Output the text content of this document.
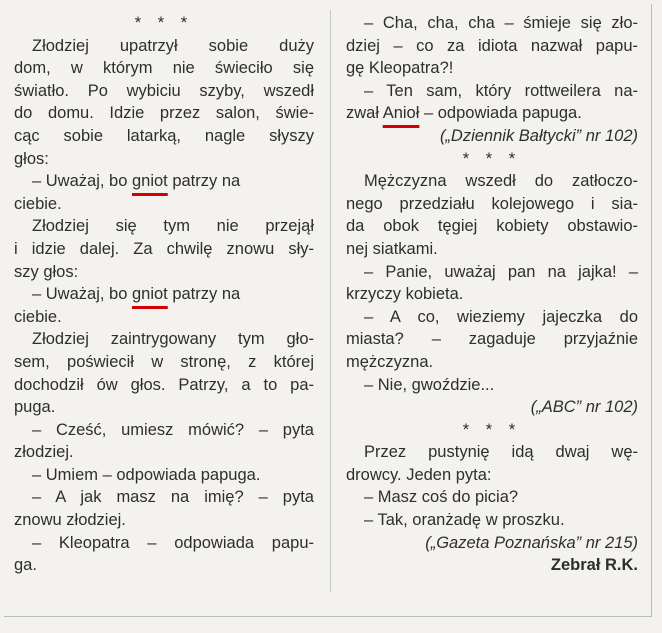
* * *
Złodziej upatrzył sobie duży
dom, w którym nie świeciło się
światło. Po wybiciu szyby, wszedł
do domu. Idzie przez salon, świe-
cąc sobie latarką, nagle słyszy
głos:
– Uważaj, bo gniot patrzy na
ciebie.
Złodziej się tym nie przejął
i idzie dalej. Za chwilę znowu sły-
szy głos:
– Uważaj, bo gniot patrzy na
ciebie.
Złodziej zaintrygowany tym gło-
sem, poświecił w stronę, z której
dochodził ów głos. Patrzy, a to pa-
puga.
– Cześć, umiesz mówić? – pyta
złodziej.
– Umiem – odpowiada papuga.
– A jak masz na imię? – pyta
znowu złodziej.
– Kleopatra – odpowiada papu-
ga.
– Cha, cha, cha – śmieje się zło-
dziej – co za idiota nazwał papu-
gę Kleopatra?!
– Ten sam, który rottweilera na-
zwał Anioł – odpowiada papuga.
(„Dziennik Bałtycki” nr 102)
* * *
Mężczyzna wszedł do zatłoczo-
nego przedziału kolejowego i sia-
da obok tęgiej kobiety obstawio-
nej siatkami.
– Panie, uważaj pan na jajka! –
krzyczy kobieta.
– A co, wieziemy jajeczka do
miasta? – zagaduje przyjaźnie
mężczyzna.
– Nie, gwoździe...
(„ABC” nr 102)
* * *
Przez pustynię idą dwaj wę-
drowcy. Jeden pyta:
– Masz coś do picia?
– Tak, oranżadę w proszku.
(„Gazeta Poznańska” nr 215)
Zebrał R.K.
